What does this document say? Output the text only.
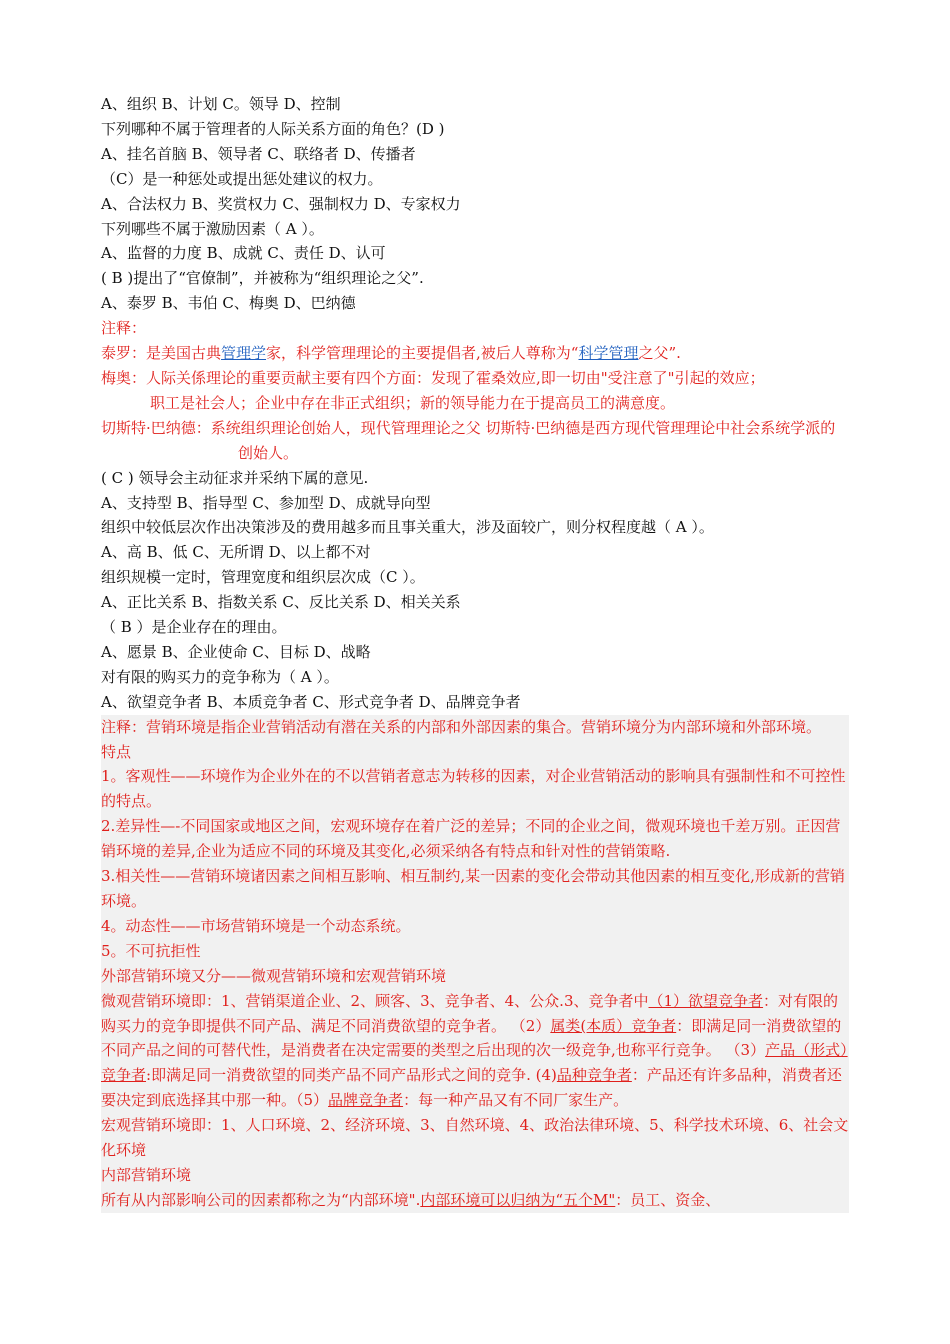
A、组织 B、计划 C。领导 D、控制
下列哪种不属于管理者的人际关系方面的角色？(D )
A、挂名首脑 B、领导者 C、联络者 D、传播者
（C）是一种惩处或提出惩处建议的权力。
A、合法权力 B、奖赏权力 C、强制权力 D、专家权力
下列哪些不属于激励因素（ A ）。
A、监督的力度 B、成就 C、责任 D、认可
( B )提出了“官僚制”，并被称为“组织理论之父”.
A、泰罗 B、韦伯 C、梅奥 D、巴纳德
注释：
泰罗：是美国古典管理学家，科学管理理论的主要提倡者,被后人尊称为“科学管理之父”.
梅奥：人际关係理论的重要贡献主要有四个方面：发现了霍桑效应,即一切由"受注意了"引起的效应；
职工是社会人；企业中存在非正式组织；新的领导能力在于提高员工的满意度。
切斯特·巴纳德：系统组织理论创始人，现代管理理论之父 切斯特·巴纳德是西方现代管理理论中社会系统学派的创始人。
( C ) 领导会主动征求并采纳下属的意见.
A、支持型 B、指导型 C、参加型 D、成就导向型
组织中较低层次作出决策涉及的费用越多而且事关重大，涉及面较广，则分权程度越（ A ）。
A、高 B、低 C、无所谓 D、以上都不对
组织规模一定时，管理宽度和组织层次成（C ）。
A、正比关系 B、指数关系 C、反比关系 D、相关关系
（ B ）是企业存在的理由。
A、愿景 B、企业使命 C、目标 D、战略
对有限的购买力的竞争称为（ A ）。
A、欲望竞争者 B、本质竞争者 C、形式竞争者 D、品牌竞争者
注释：营销环境是指企业营销活动有潜在关系的内部和外部因素的集合。营销环境分为内部环境和外部环境。
特点
1。客观性——环境作为企业外在的不以营销者意志为转移的因素，对企业营销活动的影响具有强制性和不可控性的特点。
2.差异性—-不同国家或地区之间，宏观环境存在着广泛的差异；不同的企业之间，微观环境也千差万别。正因营销环境的差异,企业为适应不同的环境及其变化,必须采纳各有特点和针对性的营销策略.
3.相关性——营销环境诸因素之间相互影响、相互制约,某一因素的变化会带动其他因素的相互变化,形成新的营销环境。
4。动态性——市场营销环境是一个动态系统。
5。不可抗拒性
外部营销环境又分——微观营销环境和宏观营销环境
微观营销环境即：1、营销渠道企业、2、顾客、3、竞争者、4、公众.3、竞争者中（1）欲望竞争者：对有限的购买力的竞争即提供不同产品、满足不同消费欲望的竞争者。 （2）属类(本质）竞争者：即满足同一消费欲望的不同产品之间的可替代性，是消费者在决定需要的类型之后出现的次一级竞争,也称平行竞争。 （3）产品（形式）竞争者:即满足同一消费欲望的同类产品不同产品形式之间的竞争. (4)品种竞争者：产品还有许多品种，消费者还要决定到底选择其中那一种。（5）品牌竞争者：每一种产品又有不同厂家生产。
宏观营销环境即：1、人口环境、2、经济环境、3、自然环境、4、政治法律环境、5、科学技术环境、6、社会文化环境
内部营销环境
所有从内部影响公司的因素都称之为“内部环境".内部环境可以归纳为“五个M"：员工、资金、
